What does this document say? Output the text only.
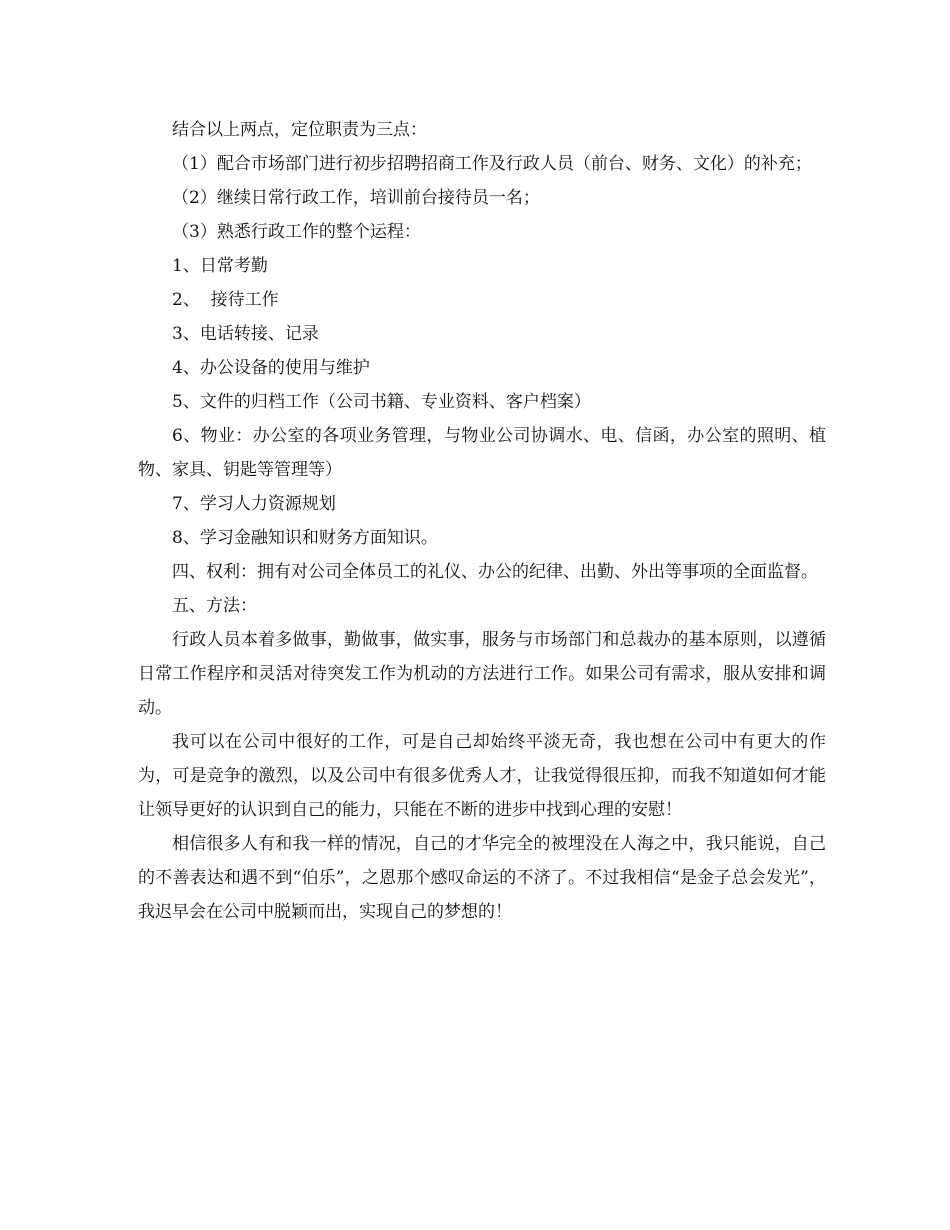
结合以上两点，定位职责为三点：

（1）配合市场部门进行初步招聘招商工作及行政人员（前台、财务、文化）的补充；

（2）继续日常行政工作，培训前台接待员一名；

（3）熟悉行政工作的整个运程：

1、日常考勤

2、  接待工作

3、电话转接、记录

4、办公设备的使用与维护

5、文件的归档工作（公司书籍、专业资料、客户档案）

6、物业：办公室的各项业务管理，与物业公司协调水、电、信函，办公室的照明、植物、家具、钥匙等管理等）

7、学习人力资源规划

8、学习金融知识和财务方面知识。

四、权利：拥有对公司全体员工的礼仪、办公的纪律、出勤、外出等事项的全面监督。

五、方法：

行政人员本着多做事，勤做事，做实事，服务与市场部门和总裁办的基本原则，以遵循日常工作程序和灵活对待突发工作为机动的方法进行工作。如果公司有需求，服从安排和调动。

我可以在公司中很好的工作，可是自己却始终平淡无奇，我也想在公司中有更大的作为，可是竞争的激烈，以及公司中有很多优秀人才，让我觉得很压抑，而我不知道如何才能让领导更好的认识到自己的能力，只能在不断的进步中找到心理的安慰！

相信很多人有和我一样的情况，自己的才华完全的被埋没在人海之中，我只能说，自己的不善表达和遇不到“伯乐”，之恩那个感叹命运的不济了。不过我相信“是金子总会发光”，我迟早会在公司中脱颖而出，实现自己的梦想的！
